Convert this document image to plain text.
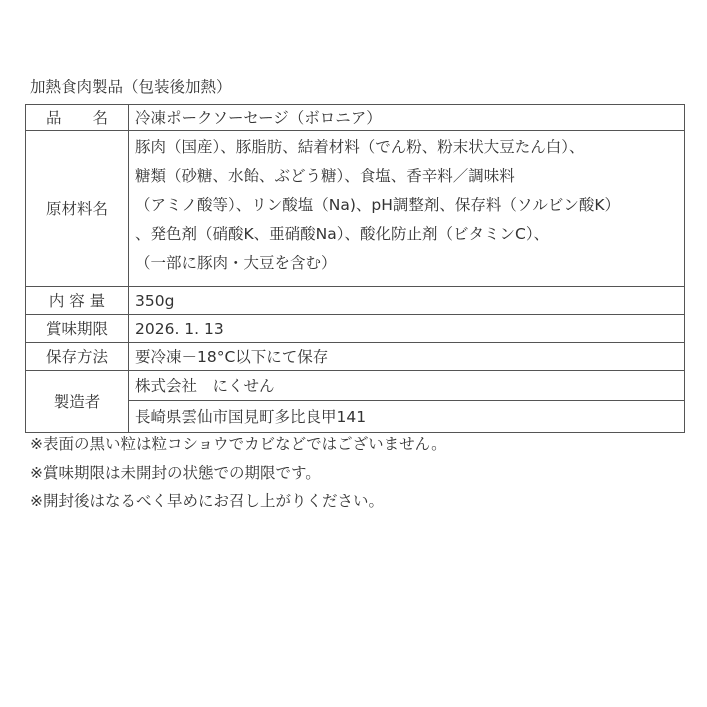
加熱食肉製品（包装後加熱）
品　　名	冷凍ポークソーセージ（ボロニア）
原材料名	豚肉（国産）、豚脂肪、結着材料（でん粉、粉末状大豆たん白）、
糖類（砂糖、水飴、ぶどう糖）、食塩、香辛料／調味料
（アミノ酸等）、リン酸塩（Na)、pH調整剤、保存料（ソルビン酸K）
、発色剤（硝酸K、亜硝酸Na）、酸化防止剤（ビタミンC）、
（一部に豚肉・大豆を含む）

内 容 量	350g
賞味期限	2026. 1. 13
保存方法	要冷凍－18°C以下にて保存
製造者	株式会社　にくせん
	長崎県雲仙市国見町多比良甲141
※表面の黒い粒は粒コショウでカビなどではございません。
※賞味期限は未開封の状態での期限です。
※開封後はなるべく早めにお召し上がりください。
